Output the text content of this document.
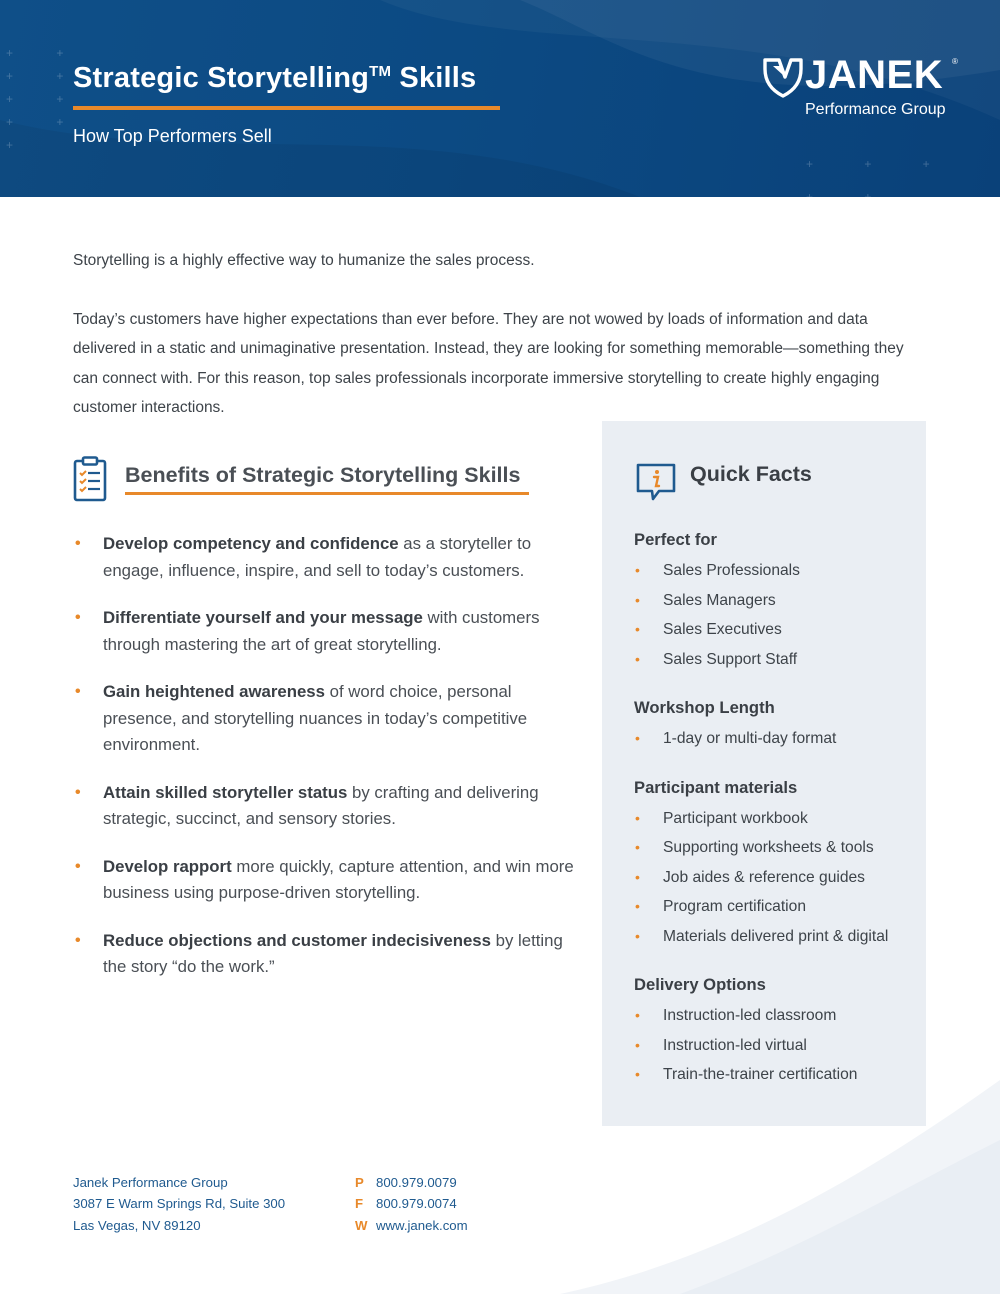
+ +
+ +
+ +
+ +
+
+ + + + +
+ + + + +
Strategic Storytelling™ Skills
How Top Performers Sell
JANEK ®
Performance Group

Storytelling is a highly effective way to humanize the sales process.

Today’s customers have higher expectations than ever before. They are not wowed by loads of information and data delivered in a static and unimaginative presentation. Instead, they are looking for something memorable—something they can connect with. For this reason, top sales professionals incorporate immersive storytelling to create highly engaging customer interactions.

Benefits of Strategic Storytelling Skills
• Develop competency and confidence as a storyteller to engage, influence, inspire, and sell to today’s customers.
• Differentiate yourself and your message with customers through mastering the art of great storytelling.
• Gain heightened awareness of word choice, personal presence, and storytelling nuances in today’s competitive environment.
• Attain skilled storyteller status by crafting and delivering strategic, succinct, and sensory stories.
• Develop rapport more quickly, capture attention, and win more business using purpose-driven storytelling.
• Reduce objections and customer indecisiveness by letting the story “do the work.”
Quick Facts
Perfect for
• Sales Professionals
• Sales Managers
• Sales Executives
• Sales Support Staff
Workshop Length
• 1-day or multi-day format
Participant materials
• Participant workbook
• Supporting worksheets & tools
• Job aides & reference guides
• Program certification
• Materials delivered print & digital
Delivery Options
• Instruction-led classroom
• Instruction-led virtual
• Train-the-trainer certification
Janek Performance Group
3087 E Warm Springs Rd, Suite 300
Las Vegas, NV 89120
P 800.979.0079
F 800.979.0074
W www.janek.com
